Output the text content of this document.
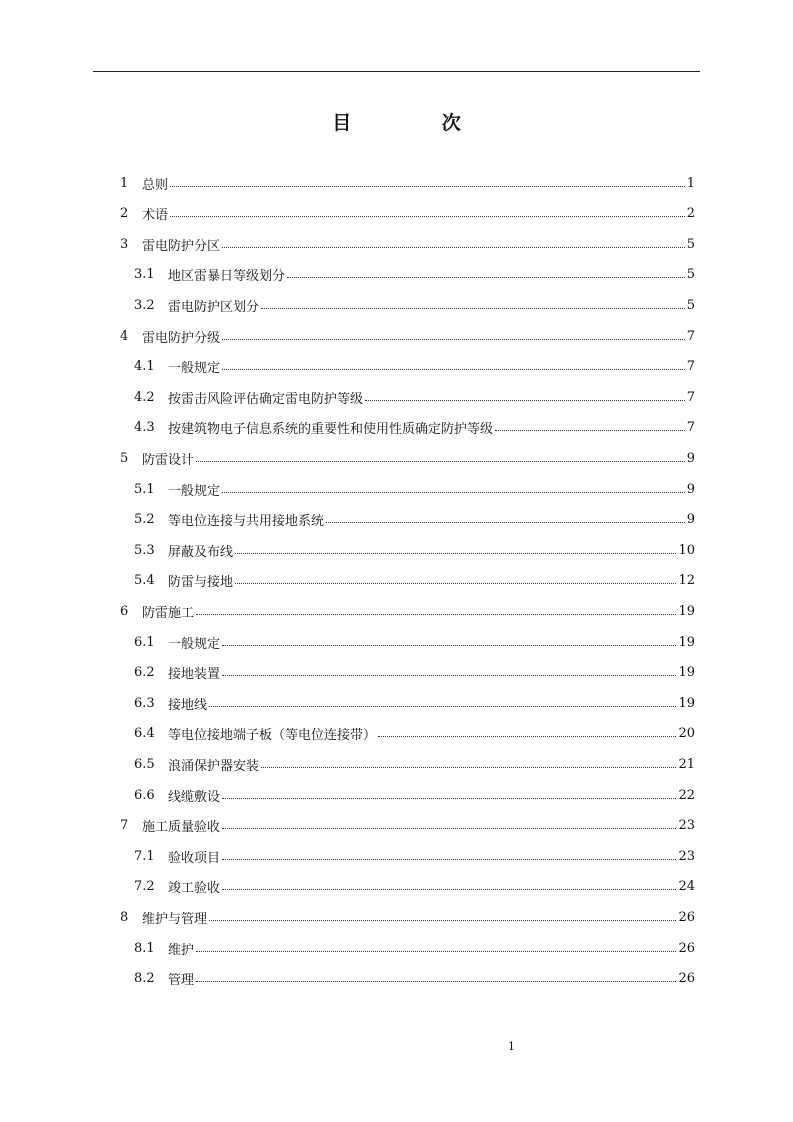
目 次
1	总则	1
2	术语	2
3	雷电防护分区	5
3.1	地区雷暴日等级划分	5
3.2	雷电防护区划分	5
4	雷电防护分级	7
4.1	一般规定	7
4.2	按雷击风险评估确定雷电防护等级	7
4.3	按建筑物电子信息系统的重要性和使用性质确定防护等级	7
5	防雷设计	9
5.1	一般规定	9
5.2	等电位连接与共用接地系统	9
5.3	屏蔽及布线	10
5.4	防雷与接地	12
6	防雷施工	19
6.1	一般规定	19
6.2	接地装置	19
6.3	接地线	19
6.4	等电位接地端子板（等电位连接带）	20
6.5	浪涌保护器安装	21
6.6	线缆敷设	22
7	施工质量验收	23
7.1	验收项目	23
7.2	竣工验收	24
8	维护与管理	26
8.1	维护	26
8.2	管理	26
1
